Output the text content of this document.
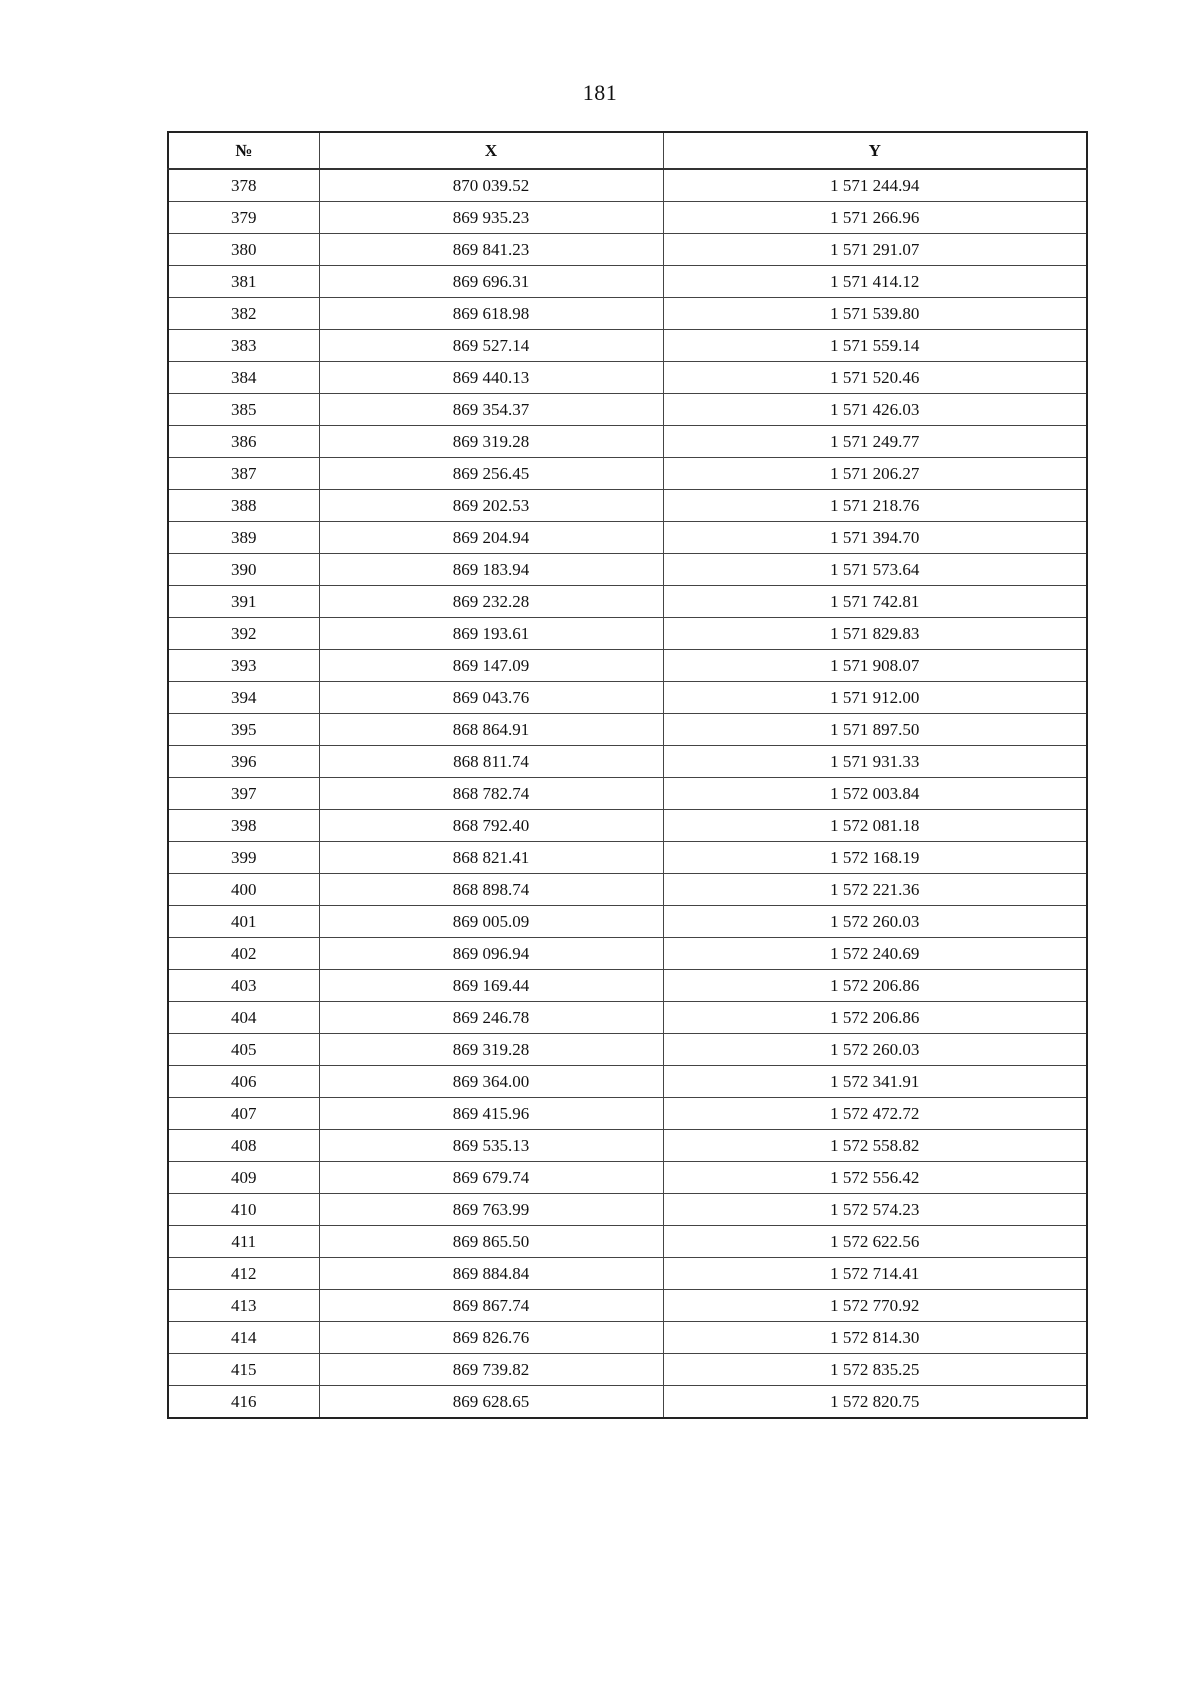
181
№	X	Y
378	870 039.52	1 571 244.94
379	869 935.23	1 571 266.96
380	869 841.23	1 571 291.07
381	869 696.31	1 571 414.12
382	869 618.98	1 571 539.80
383	869 527.14	1 571 559.14
384	869 440.13	1 571 520.46
385	869 354.37	1 571 426.03
386	869 319.28	1 571 249.77
387	869 256.45	1 571 206.27
388	869 202.53	1 571 218.76
389	869 204.94	1 571 394.70
390	869 183.94	1 571 573.64
391	869 232.28	1 571 742.81
392	869 193.61	1 571 829.83
393	869 147.09	1 571 908.07
394	869 043.76	1 571 912.00
395	868 864.91	1 571 897.50
396	868 811.74	1 571 931.33
397	868 782.74	1 572 003.84
398	868 792.40	1 572 081.18
399	868 821.41	1 572 168.19
400	868 898.74	1 572 221.36
401	869 005.09	1 572 260.03
402	869 096.94	1 572 240.69
403	869 169.44	1 572 206.86
404	869 246.78	1 572 206.86
405	869 319.28	1 572 260.03
406	869 364.00	1 572 341.91
407	869 415.96	1 572 472.72
408	869 535.13	1 572 558.82
409	869 679.74	1 572 556.42
410	869 763.99	1 572 574.23
411	869 865.50	1 572 622.56
412	869 884.84	1 572 714.41
413	869 867.74	1 572 770.92
414	869 826.76	1 572 814.30
415	869 739.82	1 572 835.25
416	869 628.65	1 572 820.75
